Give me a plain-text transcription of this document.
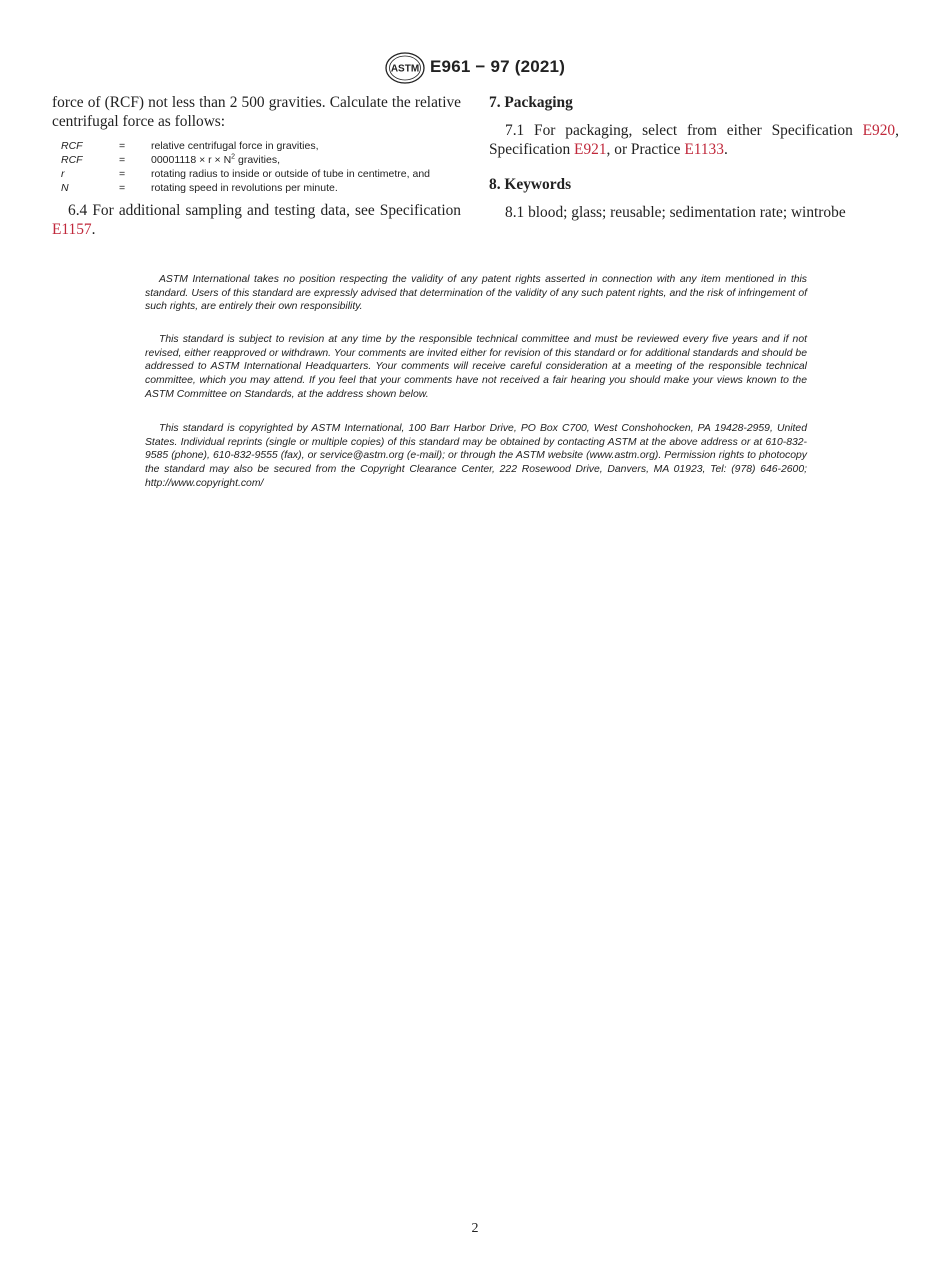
ASTM E961 − 97 (2021)

force of (RCF) not less than 2 500 gravities. Calculate the relative centrifugal force as follows:

RCF	=	relative centrifugal force in gravities,
RCF	=	$00001118 \times r \times N^2$ gravities,
r	=	rotating radius to inside or outside of tube in centimetre, and
N	=	rotating speed in revolutions per minute.

6.4 For additional sampling and testing data, see Specification E1157.

7. Packaging

7.1 For packaging, select from either Specification E920, Specification E921, or Practice E1133.

8. Keywords

8.1 blood; glass; reusable; sedimentation rate; wintrobe

ASTM International takes no position respecting the validity of any patent rights asserted in connection with any item mentioned in this standard. Users of this standard are expressly advised that determination of the validity of any such patent rights, and the risk of infringement of such rights, are entirely their own responsibility.

This standard is subject to revision at any time by the responsible technical committee and must be reviewed every five years and if not revised, either reapproved or withdrawn. Your comments are invited either for revision of this standard or for additional standards and should be addressed to ASTM International Headquarters. Your comments will receive careful consideration at a meeting of the responsible technical committee, which you may attend. If you feel that your comments have not received a fair hearing you should make your views known to the ASTM Committee on Standards, at the address shown below.

This standard is copyrighted by ASTM International, 100 Barr Harbor Drive, PO Box C700, West Conshohocken, PA 19428-2959, United States. Individual reprints (single or multiple copies) of this standard may be obtained by contacting ASTM at the above address or at 610-832-9585 (phone), 610-832-9555 (fax), or service@astm.org (e-mail); or through the ASTM website (www.astm.org). Permission rights to photocopy the standard may also be secured from the Copyright Clearance Center, 222 Rosewood Drive, Danvers, MA 01923, Tel: (978) 646-2600; http://www.copyright.com/

2
